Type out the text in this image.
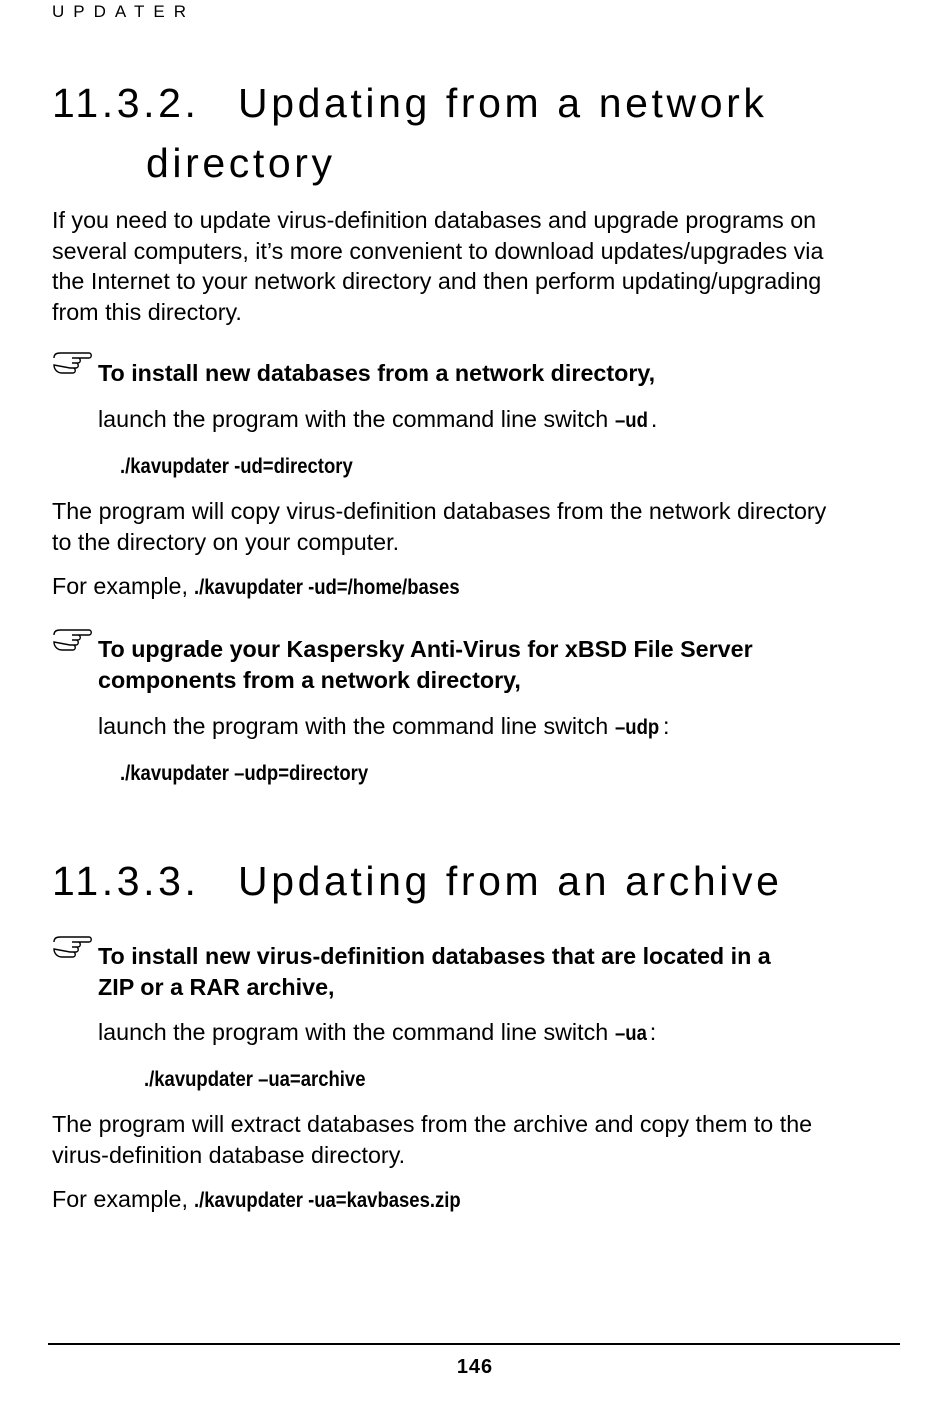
UPDATER
11.3.2. Updating from a network
directory
If you need to update virus-definition databases and upgrade programs on
several computers, it’s more convenient to download updates/upgrades via
the Internet to your network directory and then perform updating/upgrading
from this directory.
To install new databases from a network directory,
launch the program with the command line switch –ud .
./kavupdater -ud=directory
The program will copy virus-definition databases from the network directory
to the directory on your computer.
For example, ./kavupdater -ud=/home/bases
To upgrade your Kaspersky Anti-Virus for xBSD File Server
components from a network directory,
launch the program with the command line switch –udp :
./kavupdater –udp=directory
11.3.3. Updating from an archive
To install new virus-definition databases that are located in a
ZIP or a RAR archive,
launch the program with the command line switch –ua :
./kavupdater –ua=archive
The program will extract databases from the archive and copy them to the
virus-definition database directory.
For example, ./kavupdater -ua=kavbases.zip
146
